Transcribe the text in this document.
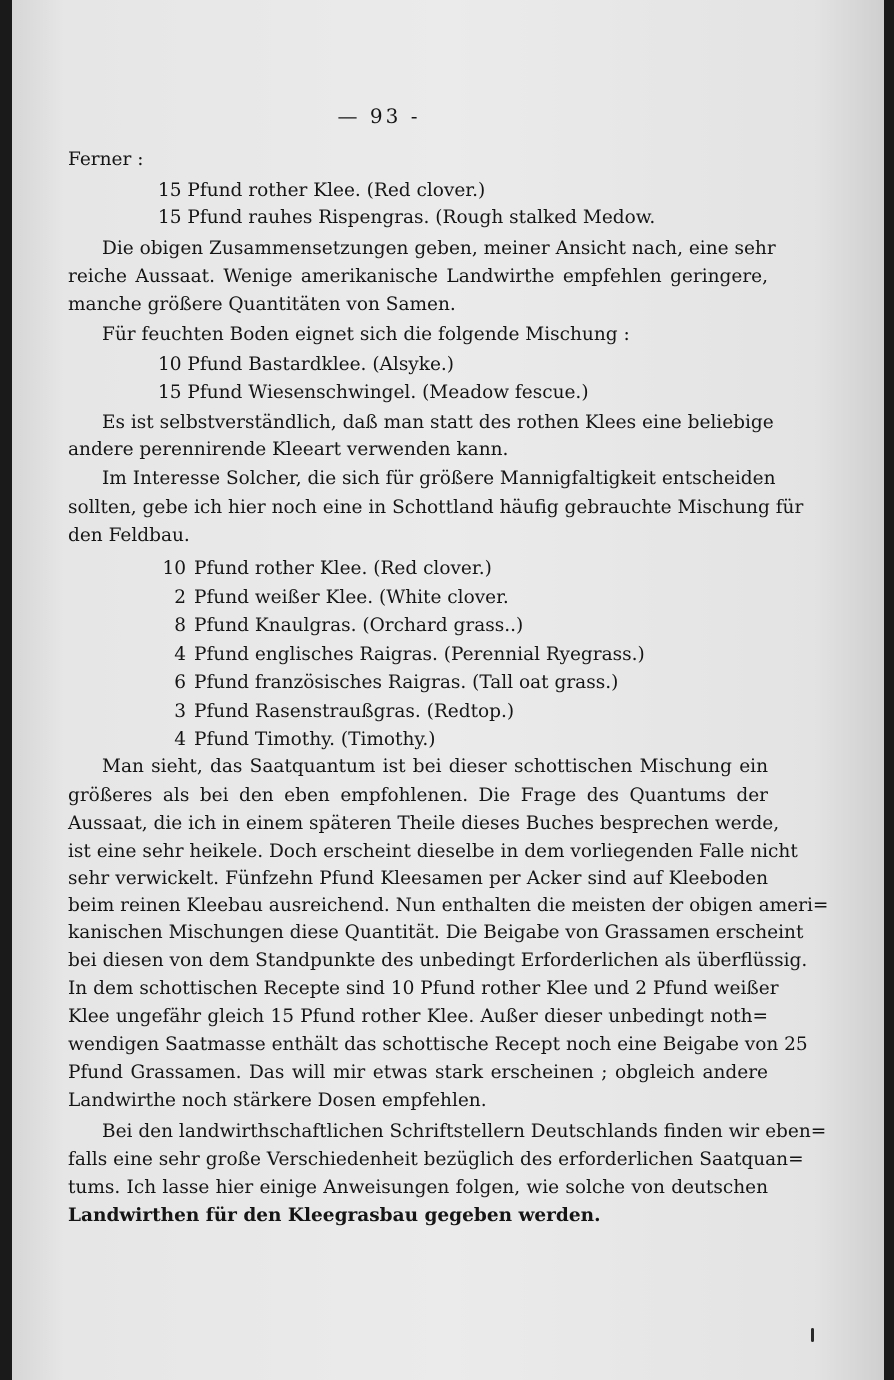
— 93 -
Ferner :
15 Pfund rother Klee. (Red clover.)
15 Pfund rauhes Rispengras. (Rough stalked Medow.
Die obigen Zusammensetzungen geben, meiner Ansicht nach, eine sehr
reiche Aussaat. Wenige amerikanische Landwirthe empfehlen geringere,
manche größere Quantitäten von Samen.
Für feuchten Boden eignet sich die folgende Mischung :
10 Pfund Bastardklee. (Alsyke.)
15 Pfund Wiesenschwingel. (Meadow fescue.)
Es ist selbstverständlich, daß man statt des rothen Klees eine beliebige
andere perennirende Kleeart verwenden kann.
Im Interesse Solcher, die sich für größere Mannigfaltigkeit entscheiden
sollten, gebe ich hier noch eine in Schottland häufig gebrauchte Mischung für
den Feldbau.
10 Pfund rother Klee. (Red clover.)
2 Pfund weißer Klee. (White clover.
8 Pfund Knaulgras. (Orchard grass..)
4 Pfund englisches Raigras. (Perennial Ryegrass.)
6 Pfund französisches Raigras. (Tall oat grass.)
3 Pfund Rasenstraußgras. (Redtop.)
4 Pfund Timothy. (Timothy.)
Man sieht, das Saatquantum ist bei dieser schottischen Mischung ein
größeres als bei den eben empfohlenen. Die Frage des Quantums der
Aussaat, die ich in einem späteren Theile dieses Buches besprechen werde,
ist eine sehr heikele. Doch erscheint dieselbe in dem vorliegenden Falle nicht
sehr verwickelt. Fünfzehn Pfund Kleesamen per Acker sind auf Kleeboden
beim reinen Kleebau ausreichend. Nun enthalten die meisten der obigen ameri=
kanischen Mischungen diese Quantität. Die Beigabe von Grassamen erscheint
bei diesen von dem Standpunkte des unbedingt Erforderlichen als überflüssig.
In dem schottischen Recepte sind 10 Pfund rother Klee und 2 Pfund weißer
Klee ungefähr gleich 15 Pfund rother Klee. Außer dieser unbedingt noth=
wendigen Saatmasse enthält das schottische Recept noch eine Beigabe von 25
Pfund Grassamen. Das will mir etwas stark erscheinen ; obgleich andere
Landwirthe noch stärkere Dosen empfehlen.
Bei den landwirthschaftlichen Schriftstellern Deutschlands finden wir eben=
falls eine sehr große Verschiedenheit bezüglich des erforderlichen Saatquan=
tums. Ich lasse hier einige Anweisungen folgen, wie solche von deutschen
Landwirthen für den Kleegrasbau gegeben werden.
